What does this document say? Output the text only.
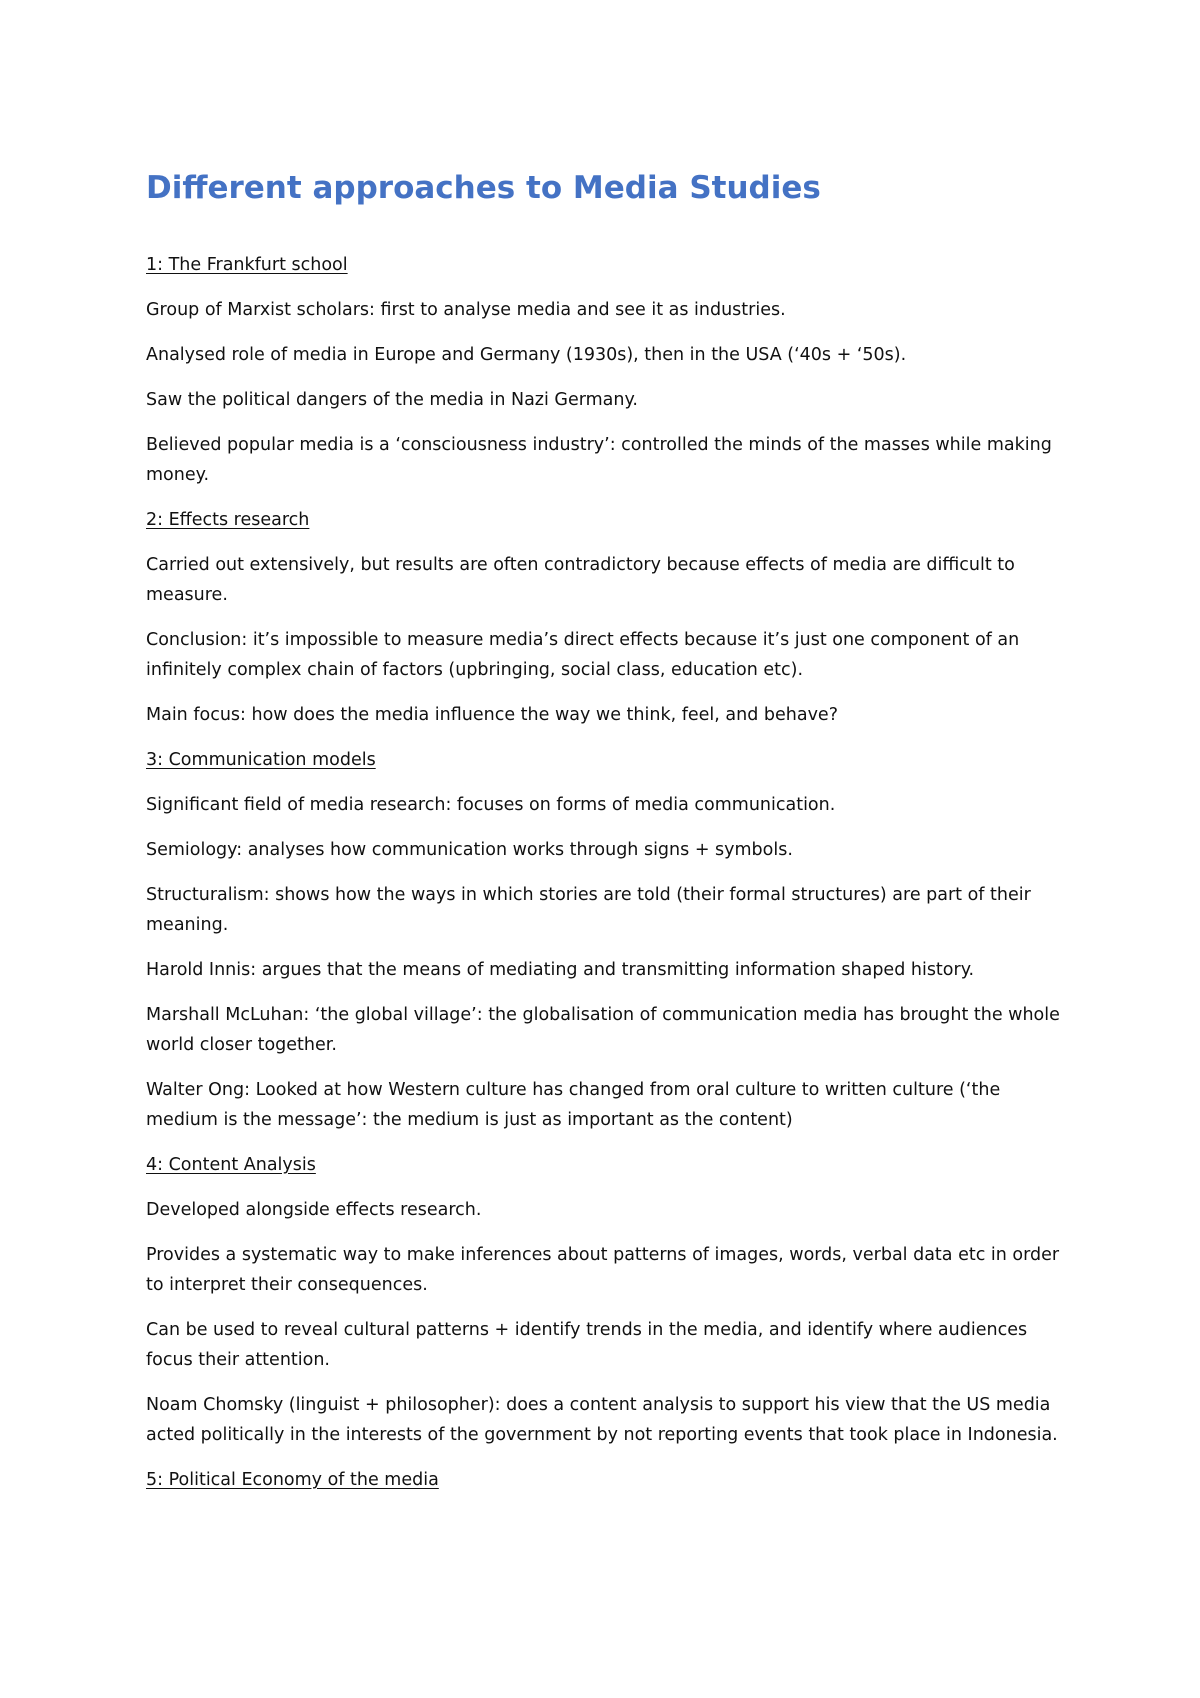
Different approaches to Media Studies

1: The Frankfurt school

Group of Marxist scholars: first to analyse media and see it as industries.

Analysed role of media in Europe and Germany (1930s), then in the USA (‘40s + ‘50s).

Saw the political dangers of the media in Nazi Germany.

Believed popular media is a ‘consciousness industry’: controlled the minds of the masses while making money.

2: Effects research

Carried out extensively, but results are often contradictory because effects of media are difficult to measure.

Conclusion: it’s impossible to measure media’s direct effects because it’s just one component of an infinitely complex chain of factors (upbringing, social class, education etc).

Main focus: how does the media influence the way we think, feel, and behave?

3: Communication models

Significant field of media research: focuses on forms of media communication.

Semiology: analyses how communication works through signs + symbols.

Structuralism: shows how the ways in which stories are told (their formal structures) are part of their meaning.

Harold Innis: argues that the means of mediating and transmitting information shaped history.

Marshall McLuhan: ‘the global village’: the globalisation of communication media has brought the whole world closer together.

Walter Ong: Looked at how Western culture has changed from oral culture to written culture (‘the medium is the message’: the medium is just as important as the content)

4: Content Analysis

Developed alongside effects research.

Provides a systematic way to make inferences about patterns of images, words, verbal data etc in order to interpret their consequences.

Can be used to reveal cultural patterns + identify trends in the media, and identify where audiences focus their attention.

Noam Chomsky (linguist + philosopher): does a content analysis to support his view that the US media acted politically in the interests of the government by not reporting events that took place in Indonesia.

5: Political Economy of the media
